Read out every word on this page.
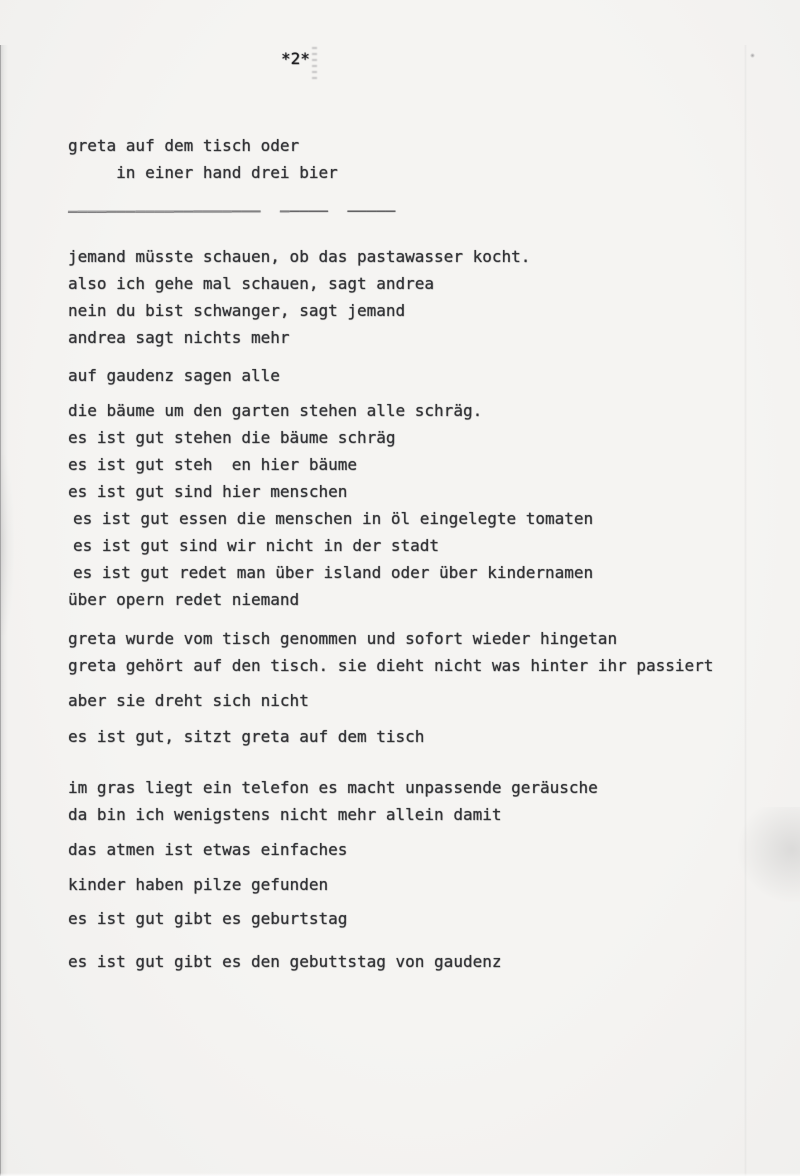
*2*
greta auf dem tisch oder
in einer hand drei bier
____________________  _____  _____
jemand müsste schauen, ob das pastawasser kocht.
also ich gehe mal schauen, sagt andrea
nein du bist schwanger, sagt jemand
andrea sagt nichts mehr
auf gaudenz sagen alle
die bäume um den garten stehen alle schräg.
es ist gut stehen die bäume schräg
es ist gut steh  en hier bäume
es ist gut sind hier menschen
es ist gut essen die menschen in öl eingelegte tomaten
es ist gut sind wir nicht in der stadt
es ist gut redet man über island oder über kindernamen
über opern redet niemand
greta wurde vom tisch genommen und sofort wieder hingetan
greta gehört auf den tisch. sie dieht nicht was hinter ihr passiert
aber sie dreht sich nicht
es ist gut, sitzt greta auf dem tisch
im gras liegt ein telefon es macht unpassende geräusche
da bin ich wenigstens nicht mehr allein damit
das atmen ist etwas einfaches
kinder haben pilze gefunden
es ist gut gibt es geburtstag
es ist gut gibt es den gebuttstag von gaudenz
